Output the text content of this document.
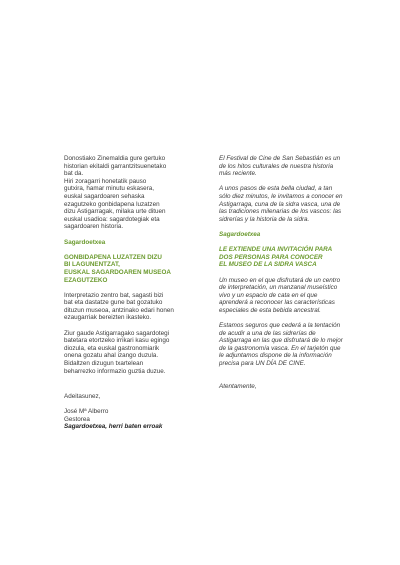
Donostiako Zinemaldia gure gertuko
historian ekitaldi garrantzitsuenetako
bat da.

Hiri zoragarri honetatik pauso
gutxira, hamar minutu eskasera,
euskal sagardoaren sehaska
ezagutzeko gonbidapena luzatzen
dizu Astigarragak, milaka urte dituen
euskal usadioa: sagardotegiak eta
sagardoaren historia.

Sagardoetxea

GONBIDAPENA LUZATZEN DIZU
BI LAGUNENTZAT,
EUSKAL SAGARDOAREN MUSEOA
EZAGUTZEKO

Interpretazio zentro bat, sagasti bizi
bat eta dastatze gune bat gozatuko
dituzun museoa, antzinako edari honen
ezaugarriak bereizten ikasteko.

Ziur gaude Astigarragako sagardotegi
batetara etortzeko irrikari kasu egingo
diozula, eta euskal gastronomiarik
onena gozatu ahal izango duzula.
Bidaltzen dizugun txartelean
beharrezko informazio guztia duzue.

El Festival de Cine de San Sebastián es un
de los hitos culturales de nuestra historia
más reciente.

A unos pasos de esta bella ciudad, a tan
sólo diez minutos, le invitamos a conocer en
Astigarraga, cuna de la sidra vasca, una de
las tradiciones milenarias de los vascos: las
sidrerías y la historia de la sidra.

Sagardoetxea

LE EXTIENDE UNA INVITACIÓN PARA
DOS PERSONAS PARA CONOCER
EL MUSEO DE LA SIDRA VASCA

Un museo en el que disfrutará de un centro
de interpretación, un manzanal museístico
vivo y un espacio de cata en el que
aprenderá a reconocer las características
especiales de esta bebida ancestral.

Estamos seguros que cederá a la tentación
de acudir a una de las sidrerías de
Astigarraga en las que disfrutará de lo mejor
de la gastronomía vasca. En el tarjetón que
le adjuntamos dispone de la información
precisa para UN DÍA DE CINE.

Atentamente,

Adeitasunez,

José Mª Alberro

Gestorea

Sagardoetxea, herri baten erroak
